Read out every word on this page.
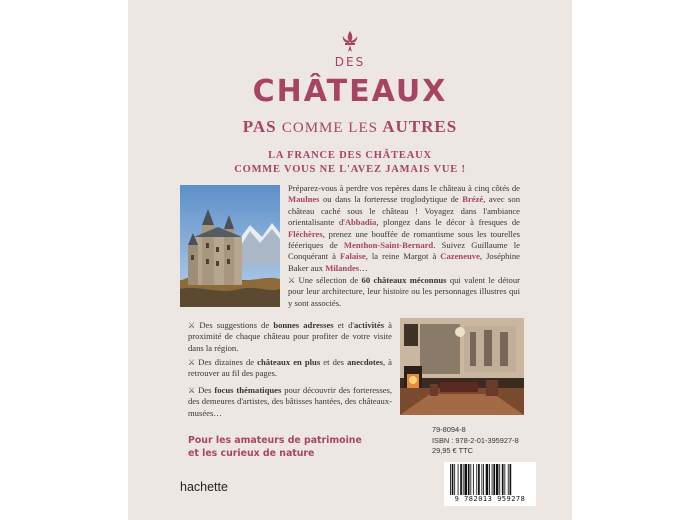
DES
CHÂTEAUX
PAS COMME LES AUTRES
LA FRANCE DES CHÂTEAUX
COMME VOUS NE L'AVEZ JAMAIS VUE !
Préparez-vous à perdre vos repères dans le château à cinq côtés de Maulnes ou dans la forteresse troglodytique de Brézé, avec son château caché sous le château ! Voyagez dans l'ambiance orientalisante d'Abbadia, plongez dans le décor à fresques de Fléchères, prenez une bouffée de romantisme sous les tourelles fééeriques de Menthon-Saint-Bernard. Suivez Guillaume le Conquérant à Falaise, la reine Margot à Cazeneuve, Joséphine Baker aux Milandes…
⚔ Une sélection de 60 châteaux méconnus qui valent le détour pour leur architecture, leur histoire ou les personnages illustres qui y sont associés.
⚔ Des suggestions de bonnes adresses et d'activités à proximité de chaque château pour profiter de votre visite dans la région.
⚔ Des dizaines de châteaux en plus et des anecdotes, à retrouver au fil des pages.
⚔ Des focus thématiques pour découvrir des forteresses, des demeures d'artistes, des bâtisses hantées, des châteaux-musées…
Pour les amateurs de patrimoine
et les curieux de nature
79-8094-8
ISBN : 978-2-01-395927-8
29,95 € TTC
hachette
9 782013 959278
